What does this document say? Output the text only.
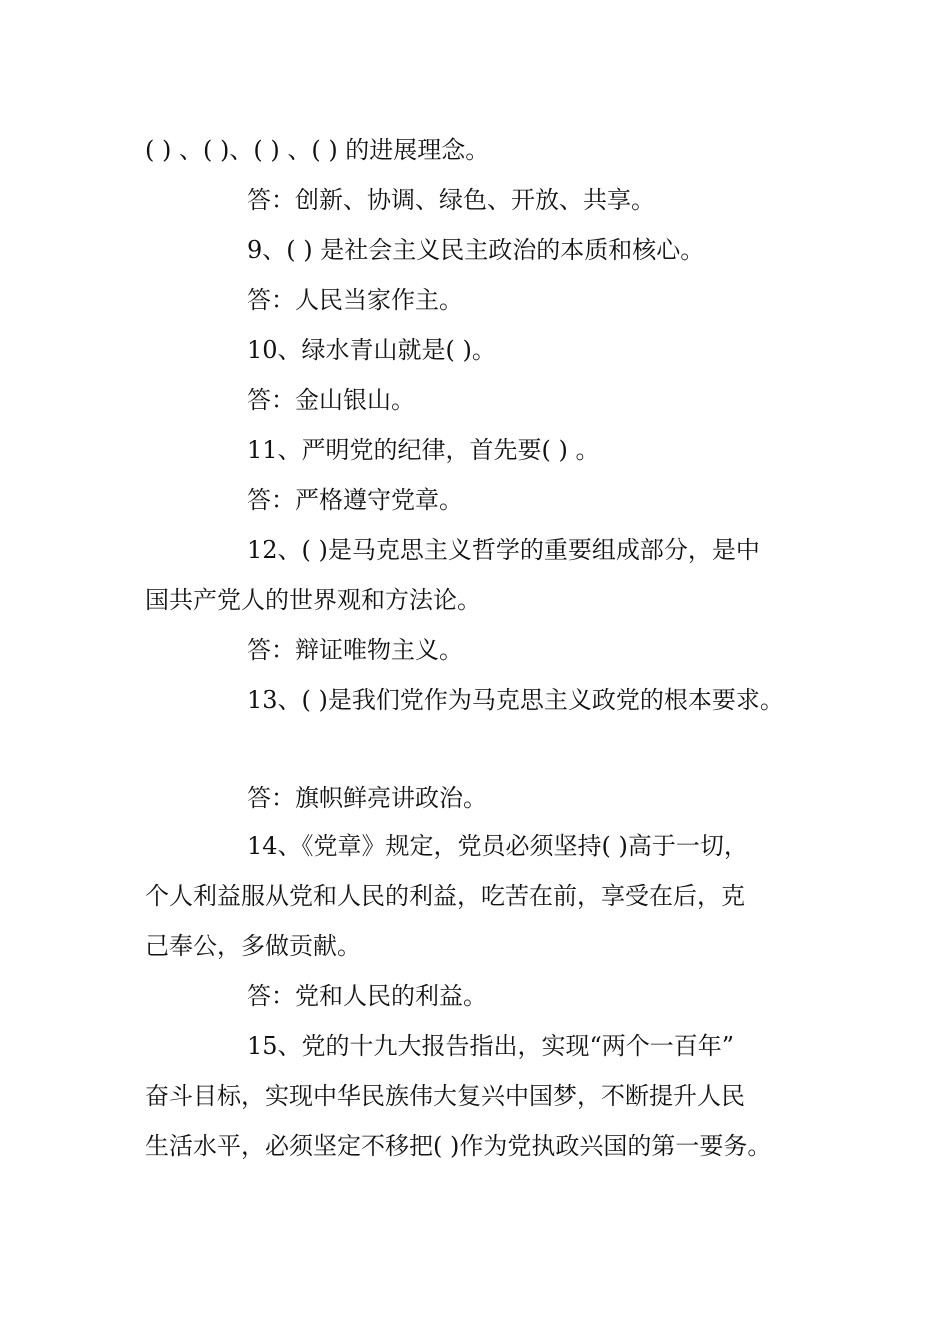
( ) 、( )、( ) 、( ) 的进展理念。
答：创新、协调、绿色、开放、共享。
9、( ) 是社会主义民主政治的本质和核心。
答：人民当家作主。
10、绿水青山就是( )。
答：金山银山。
11、严明党的纪律，首先要( ) 。
答：严格遵守党章。
12、( )是马克思主义哲学的重要组成部分，是中
国共产党人的世界观和方法论。
答：辩证唯物主义。
13、( )是我们党作为马克思主义政党的根本要求。
答：旗帜鲜亮讲政治。
14、《党章》规定，党员必须坚持( )高于一切，
个人利益服从党和人民的利益，吃苦在前，享受在后，克
己奉公，多做贡献。
答：党和人民的利益。
15、党的十九大报告指出，实现“两个一百年”
奋斗目标，实现中华民族伟大复兴中国梦，不断提升人民
生活水平，必须坚定不移把( )作为党执政兴国的第一要务。
